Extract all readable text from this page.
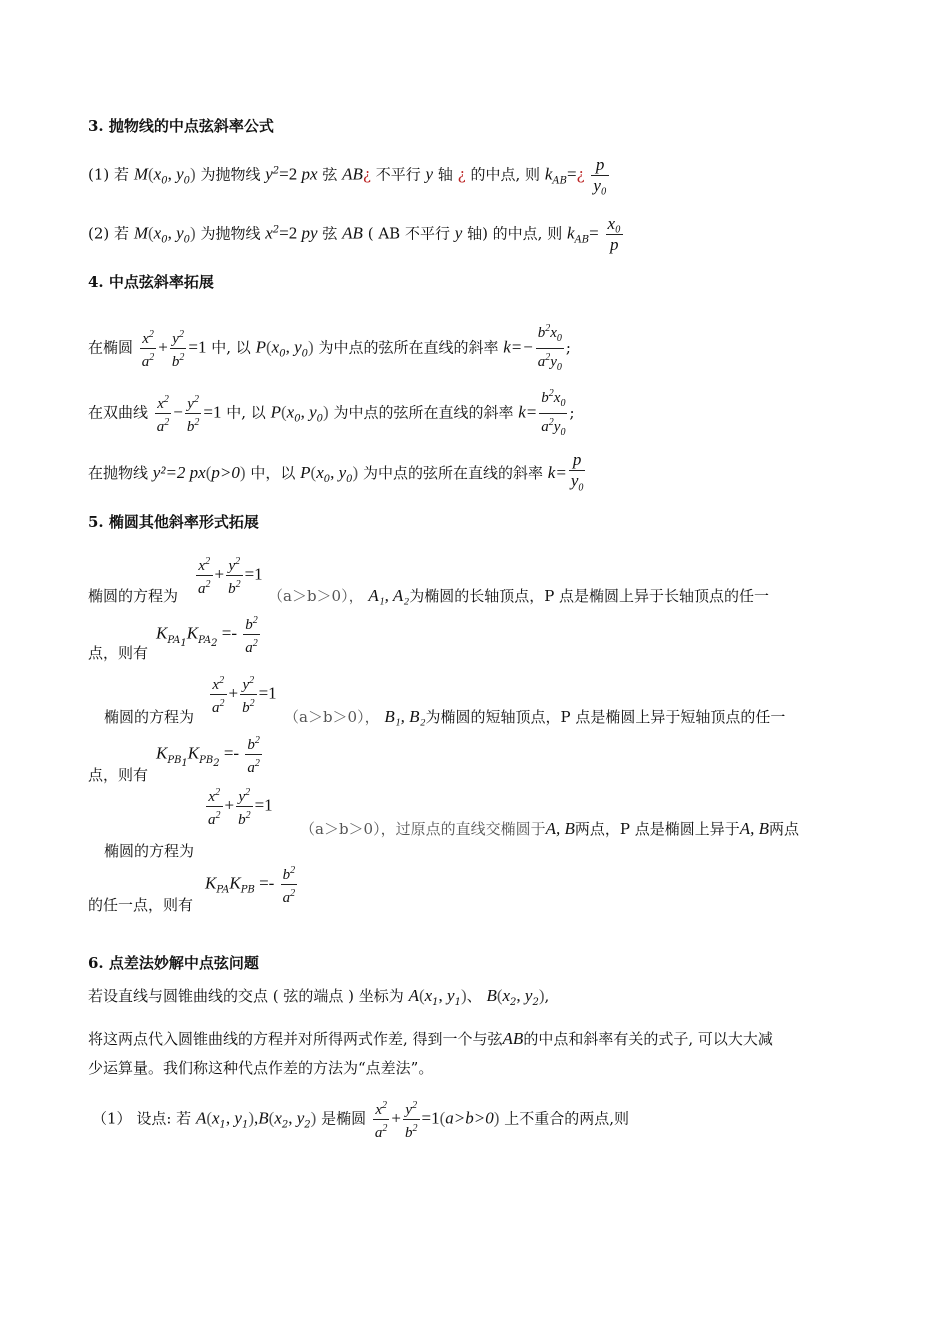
3. 抛物线的中点弦斜率公式
(1) 若 $M(x_0$, $y_0$) 为抛物线 $y^2=2$ px 弦 AB¿ 不平行 y 轴 ¿ 的中点, 则 $k_{AB}=¿ \frac{p}{\text{y₀}}$
(2) 若 $M(x_0$, $y_0$) 为抛物线 $x^2=2$ py 弦 AB ( AB 不平行 y 轴) 的中点, 则 $k_{AB}= \frac{\text{x₀}}{p}$
4. 中点弦斜率拓展
在椭圆 $\frac{x^2}{a^2} + \frac{y^2}{b^2} =1$ 中, 以 $P(x_0$, $y_0$) 为中点的弦所在直线的斜率 $k=- \frac{b^2x_0}{a^2y_0}$ ;
在双曲线 $\frac{x^2}{a^2} - \frac{y^2}{b^2} =1$ 中, 以 $P(x_0$, $y_0$) 为中点的弦所在直线的斜率 $k= \frac{b^2x_0}{a^2y_0}$ ;
在抛物线 y²=2 px(p>0) 中，以 $P(x_0$, $y_0$) 为中点的弦所在直线的斜率 $k= \frac{p}{y_0}$
5. 椭圆其他斜率形式拓展
$\frac{x^2}{a^2} + \frac{y^2}{b^2} =1$
椭圆的方程为	（a＞b＞0）， A₁, A₂为椭圆的长轴顶点，P 点是椭圆上异于长轴顶点的任一
$K_{PA_1}K_{PA_2} =- \frac{b^2}{a^2}$
点，则有
$\frac{x^2}{a^2} + \frac{y^2}{b^2} =1$
椭圆的方程为	（a＞b＞0）， B₁, B₂为椭圆的短轴顶点，P 点是椭圆上异于短轴顶点的任一
$K_{PB_1}K_{PB_2} =- \frac{b^2}{a^2}$
点，则有
$\frac{x^2}{a^2} + \frac{y^2}{b^2} =1$
（a＞b＞0），过原点的直线交椭圆于A, B两点，P 点是椭圆上异于A, B两点
椭圆的方程为
$K_{PA}K_{PB} =- \frac{b^2}{a^2}$
的任一点，则有
6. 点差法妙解中点弦问题
若设直线与圆锥曲线的交点 ( 弦的端点 ) 坐标为 $A(x_1$, $y_1$)、 $B(x_2$, $y_2$),
将这两点代入圆锥曲线的方程并对所得两式作差, 得到一个与弦AB的中点和斜率有关的式子, 可以大大减
少运算量。我们称这种代点作差的方法为“点差法”。
（1） 设点: 若 $A(x_1$, $y_1),B(x_2$, $y_2$) 是椭圆 $\frac{x^2}{a^2} + \frac{y^2}{b^2} =1(a>b>0)$ 上不重合的两点,则
